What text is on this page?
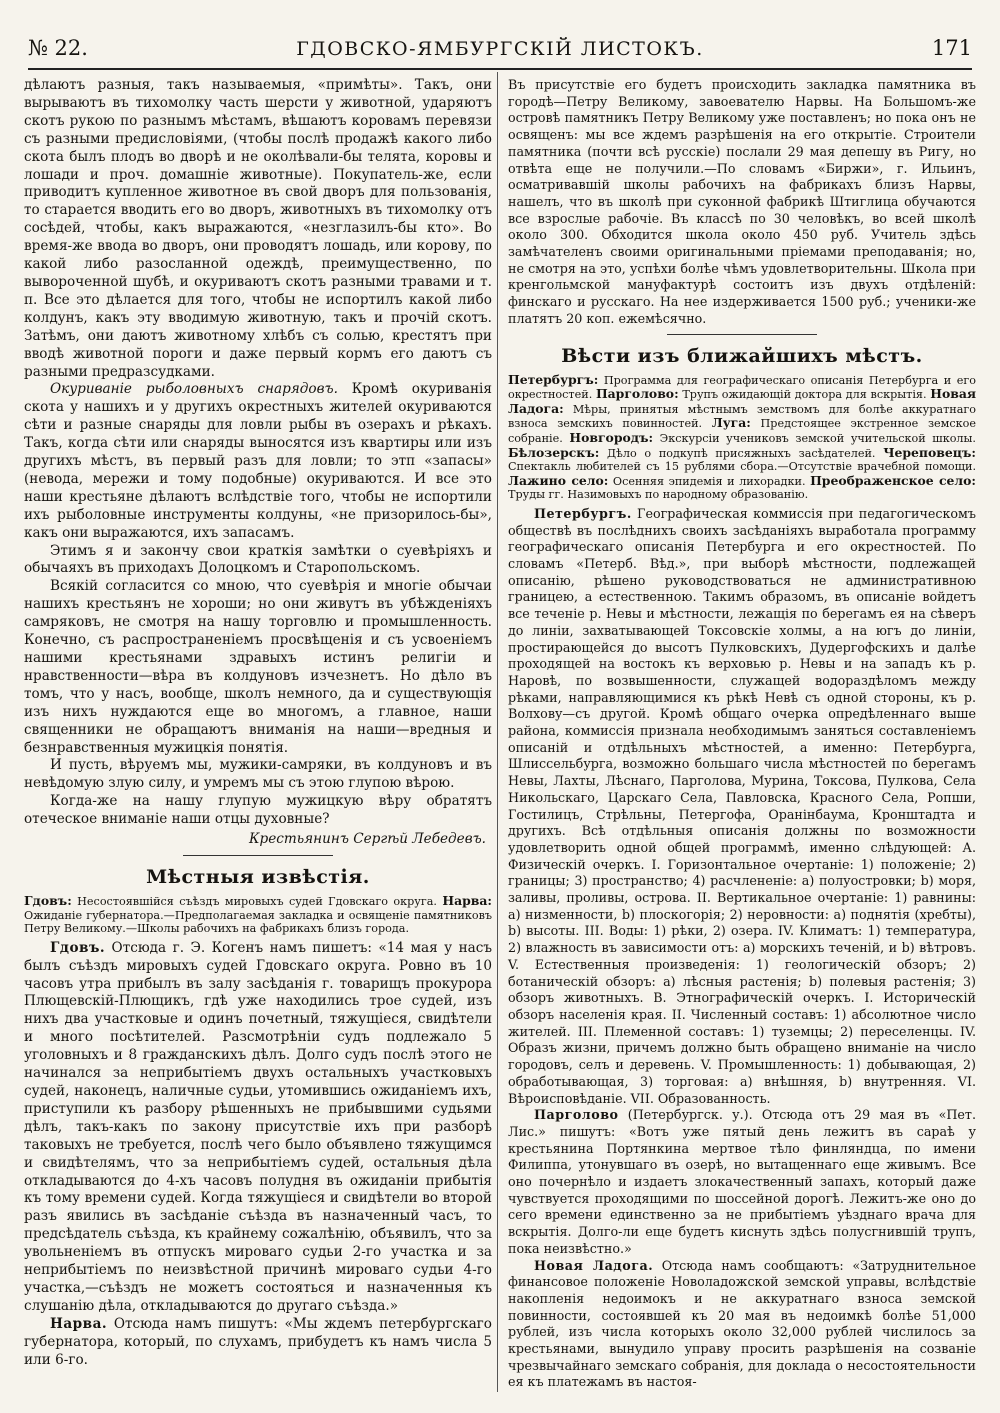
№ 22.	ГДОВСКО-ЯМБУРГСКІЙ ЛИСТОКЪ.	171

дѣлаютъ разныя, такъ называемыя, «примѣты». Такъ, они вырываютъ въ тихомолку часть шерсти у животной, ударяютъ скотъ рукою по разнымъ мѣстамъ, вѣшаютъ коровамъ перевязи съ разными предисловіями, (чтобы послѣ продажѣ какого либо скота былъ плодъ во дворѣ и не околѣвали-бы телята, коровы и лошади и проч. домашніе животные). Покупатель-же, если приводитъ купленное животное въ свой дворъ для пользованія, то старается вводить его во дворъ, животныхъ въ тихомолку отъ сосѣдей, чтобы, какъ выражаются, «незглазилъ-бы кто». Во время-же ввода во дворъ, они проводятъ лошадь, или корову, по какой либо разосланной одеждѣ, преимущественно, по вывороченной шубѣ, и окуриваютъ скотъ разными травами и т. п. Все это дѣлается для того, чтобы не испортилъ какой либо колдунъ, какъ эту вводимую животную, такъ и прочій скотъ. Затѣмъ, они даютъ животному хлѣбъ съ солью, крестятъ при вводѣ животной пороги и даже первый кормъ его даютъ съ разными предразсудками.

Окуриваніе рыболовныхъ снарядовъ. Кромѣ окуриванія скота у нашихъ и у другихъ окрестныхъ жителей окуриваются сѣти и разные снаряды для ловли рыбы въ озерахъ и рѣкахъ. Такъ, когда сѣти или снаряды выносятся изъ квартиры или изъ другихъ мѣстъ, въ первый разъ для ловли; то этп «запасы» (невода, мережи и тому подобные) окуриваются. И все это наши крестьяне дѣлаютъ вслѣдствіе того, чтобы не испортили ихъ рыболовные инструменты колдуны, «не призорилось-бы», какъ они выражаются, ихъ запасамъ.

Этимъ я и закончу свои краткія замѣтки о суевѣріяхъ и обычаяхъ въ приходахъ Долоцкомъ и Старопольскомъ.

Всякій согласится со мною, что суевѣрія и многіе обычаи нашихъ крестьянъ не хороши; но они живутъ въ убѣжденіяхъ самряковъ, не смотря на нашу торговлю и промышленность. Конечно, съ распространеніемъ просвѣщенія и съ усвоеніемъ нашими крестьянами здравыхъ истинъ религіи и нравственности—вѣра въ колдуновъ изчезнетъ. Но дѣло въ томъ, что у насъ, вообще, школъ немного, да и существующія изъ нихъ нуждаются еще во многомъ, а главное, наши священники не обращаютъ вниманія на наши—вредныя и безнравственныя мужицкія понятія.

И пусть, вѣруемъ мы, мужики-самряки, въ колдуновъ и въ невѣдомую злую силу, и умремъ мы съ этою глупою вѣрою.

Когда-же на нашу глупую мужицкую вѣру обратятъ отеческое вниманіе наши отцы духовные?

Крестьянинъ Сергѣй Лебедевъ.
Мѣстныя извѣстія.

Гдовъ: Несостоявшійся съѣздъ мировыхъ судей Гдовскаго округа. Нарва: Ожиданіе губернатора.—Предполагаемая закладка и освященіе памятниковъ Петру Великому.—Школы рабочихъ на фабрикахъ близъ города.

Гдовъ. Отсюда г. Э. Когенъ намъ пишетъ: «14 мая у насъ былъ съѣздъ мировыхъ судей Гдовскаго округа. Ровно въ 10 часовъ утра прибылъ въ залу засѣданія г. товарищъ прокурора Плющевскій-Плющикъ, гдѣ уже находились трое судей, изъ нихъ два участковые и одинъ почетный, тяжущіеся, свидѣтели и много посѣтителей. Разсмотрѣніи судъ подлежало 5 уголовныхъ и 8 гражданскихъ дѣлъ. Долго судъ послѣ этого не начинался за неприбытіемъ двухъ остальныхъ участковыхъ судей, наконецъ, наличные судьи, утомившись ожиданіемъ ихъ, приступили къ разбору рѣшенныхъ не прибывшими судьями дѣлъ, такъ-какъ по закону присутствіе ихъ при разборѣ таковыхъ не требуется, послѣ чего было объявлено тяжущимся и свидѣтелямъ, что за неприбытіемъ судей, остальныя дѣла откладываются до 4-хъ часовъ полудня въ ожиданіи прибытія къ тому времени судей. Когда тяжущіеся и свидѣтели во второй разъ явились въ засѣданіе съѣзда въ назначенный часъ, то предсѣдатель съѣзда, къ крайнему сожалѣнію, объявилъ, что за увольненіемъ въ отпускъ мироваго судьи 2-го участка и за неприбытіемъ по неизвѣстной причинѣ мироваго судьи 4-го участка,—съѣздъ не можетъ состояться и назначенныя къ слушанію дѣла, откладываются до другаго съѣзда.»

Нарва. Отсюда намъ пишутъ: «Мы ждемъ петербургскаго губернатора, который, по слухамъ, прибудетъ къ намъ числа 5 или 6-го.

Въ присутствіе его будетъ происходить закладка памятника въ городѣ—Петру Великому, завоевателю Нарвы. На Большомъ-же островѣ памятникъ Петру Великому уже поставленъ; но пока онъ не освященъ: мы все ждемъ разрѣшенія на его открытіе. Строители памятника (почти всѣ русскіе) послали 29 мая депешу въ Ригу, но отвѣта еще не получили.—По словамъ «Биржи», г. Ильинъ, осматривавшій школы рабочихъ на фабрикахъ близъ Нарвы, нашелъ, что въ школѣ при суконной фабрикѣ Штиглица обучаются все взрослые рабочіе. Въ классѣ по 30 человѣкъ, во всей школѣ около 300. Обходится школа около 450 руб. Учитель здѣсь замѣчателенъ своими оригинальными пріемами преподаванія; но, не смотря на это, успѣхи болѣе чѣмъ удовлетворительны. Школа при кренгольмской мануфактурѣ состоитъ изъ двухъ отдѣленій: финскаго и русскаго. На нее издерживается 1500 руб.; ученики-же платятъ 20 коп. ежемѣсячно.

Вѣсти изъ ближайшихъ мѣстъ.

Петербургъ: Программа для географическаго описанія Петербурга и его окрестностей. Парголово: Трупъ ожидающій доктора для вскрытія. Новая Ладога: Мѣры, принятыя мѣстнымъ земствомъ для болѣе аккуратнаго взноса земскихъ повинностей. Луга: Предстоящее экстренное земское собраніе. Новгородъ: Экскурсіи учениковъ земской учительской школы. Бѣлозерскъ: Дѣло о подкупѣ присяжныхъ засѣдателей. Череповецъ: Спектакль любителей съ 15 рублями сбора.—Отсутствіе врачебной помощи. Лажино село: Осенняя эпидемія и лихорадки. Преображенское село: Труды гг. Назимовыхъ по народному образованію.

Петербургъ. Географическая коммиссія при педагогическомъ обществѣ въ послѣднихъ своихъ засѣданіяхъ выработала программу географическаго описанія Петербурга и его окрестностей. По словамъ «Петерб. Вѣд.», при выборѣ мѣстности, подлежащей описанію, рѣшено руководствоваться не административною границею, а естественною. Такимъ образомъ, въ описаніе войдетъ все теченіе р. Невы и мѣстности, лежащія по берегамъ ея на сѣверъ до линіи, захватывающей Токсовскіе холмы, а на югъ до линіи, простирающейся до высотъ Пулковскихъ, Дудергофскихъ и далѣе проходящей на востокъ къ верховью р. Невы и на западъ къ р. Наровѣ, по возвышенности, служащей водораздѣломъ между рѣками, направляющимися къ рѣкѣ Невѣ съ одной стороны, къ р. Волхову—съ другой. Кромѣ общаго очерка опредѣленнаго выше района, коммиссія признала необходимымъ заняться составленіемъ описаній и отдѣльныхъ мѣстностей, а именно: Петербурга, Шлиссельбурга, возможно большаго числа мѣстностей по берегамъ Невы, Лахты, Лѣснаго, Парголова, Мурина, Токсова, Пулкова, Села Никольскаго, Царскаго Села, Павловска, Красного Села, Ропши, Гостилицъ, Стрѣльны, Петергофа, Оранінбаума, Кронштадта и другихъ. Всѣ отдѣльныя описанія должны по возможности удовлетворить одной общей программѣ, именно слѣдующей: А. Физическій очеркъ. І. Горизонтальное очертаніе: 1) положеніе; 2) границы; 3) пространство; 4) расчлененіе: а) полуостровки; b) моря, заливы, проливы, острова. II. Вертикальное очертаніе: 1) равнины: а) низменности, b) плоскогорія; 2) неровности: а) поднятія (хребты), b) высоты. III. Воды: 1) рѣки, 2) озера. IV. Климатъ: 1) температура, 2) влажность въ зависимости отъ: а) морскихъ теченій, и b) вѣтровъ. V. Естественныя произведенія: 1) геологическій обзоръ; 2) ботаническій обзоръ: а) лѣсныя растенія; b) полевыя растенія; 3) обзоръ животныхъ. В. Этнографическій очеркъ. I. Историческій обзоръ населенія края. II. Численный составъ: 1) абсолютное число жителей. III. Племенной составъ: 1) туземцы; 2) переселенцы. IV. Образъ жизни, причемъ должно быть обращено вниманіе на число городовъ, селъ и деревень. V. Промышленность: 1) добывающая, 2) обработывающая, 3) торговая: а) внѣшняя, b) внутренняя. VI. Вѣроисповѣданіе. VII. Образованность.

Парголово (Петербургск. у.). Отсюда отъ 29 мая въ «Пет. Лис.» пишутъ: «Вотъ уже пятый день лежитъ въ сараѣ у крестьянина Портянкина мертвое тѣло финляндца, по имени Филиппа, утонувшаго въ озерѣ, но вытащеннаго еще живымъ. Все оно почернѣло и издаетъ злокачественный запахъ, который даже чувствуется проходящими по шоссейной дорогѣ. Лежитъ-же оно до сего времени единственно за не прибытіемъ уѣзднаго врача для вскрытія. Долго-ли еще будетъ киснуть здѣсь полусгнившій трупъ, пока неизвѣстно.»

Новая Ладога. Отсюда намъ сообщаютъ: «Затруднительное финансовое положеніе Новоладожской земской управы, вслѣдствіе накопленія недоимокъ и не аккуратнаго взноса земской повинности, состоявшей къ 20 мая въ недоимкѣ болѣе 51,000 рублей, изъ числа которыхъ около 32,000 рублей числилось за крестьянами, вынудило управу просить разрѣшенія на созваніе чрезвычайнаго земскаго собранія, для доклада о несостоятельности ея къ платежамъ въ настоя-
